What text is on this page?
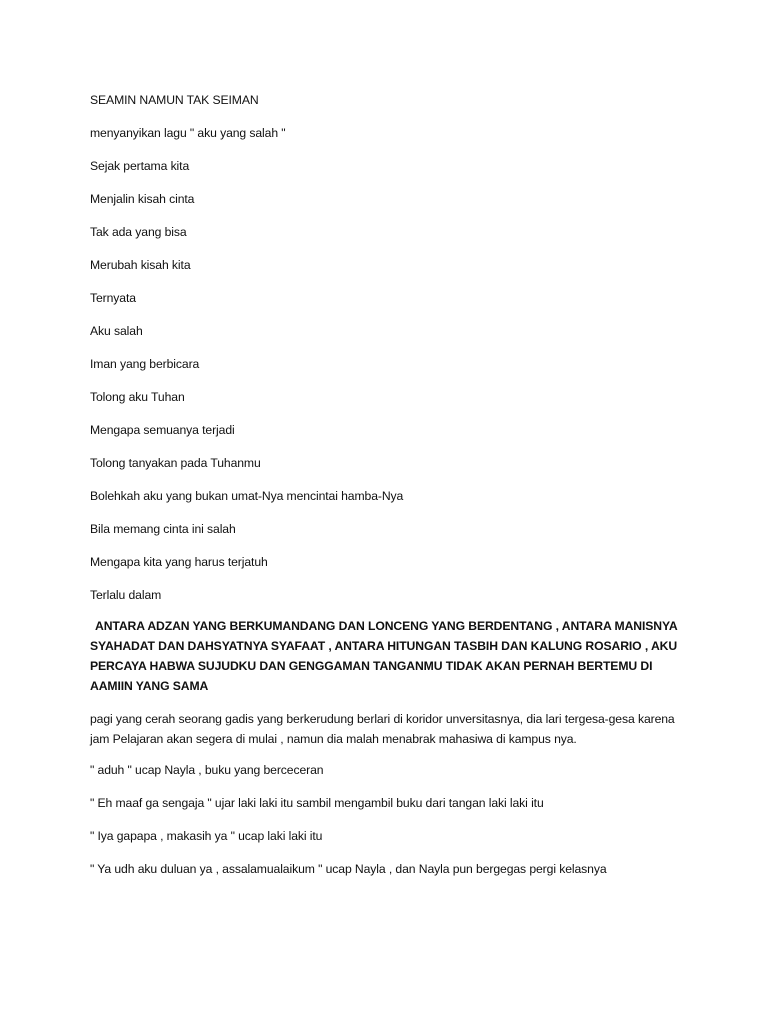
SEAMIN NAMUN TAK SEIMAN

menyanyikan lagu " aku yang salah "

Sejak pertama kita

Menjalin kisah cinta

Tak ada yang bisa

Merubah kisah kita

Ternyata

Aku salah

Iman yang berbicara

Tolong aku Tuhan

Mengapa semuanya terjadi

Tolong tanyakan pada Tuhanmu

Bolehkah aku yang bukan umat-Nya mencintai hamba-Nya

Bila memang cinta ini salah

Mengapa kita yang harus terjatuh

Terlalu dalam

ANTARA ADZAN YANG BERKUMANDANG DAN LONCENG YANG BERDENTANG , ANTARA MANISNYA SYAHADAT DAN DAHSYATNYA SYAFAAT , ANTARA HITUNGAN TASBIH DAN KALUNG ROSARIO , AKU PERCAYA HABWA SUJUDKU DAN GENGGAMAN TANGANMU TIDAK AKAN PERNAH BERTEMU DI AAMIIN YANG SAMA

pagi yang cerah seorang gadis yang berkerudung berlari di koridor unversitasnya, dia lari tergesa-gesa karena jam Pelajaran akan segera di mulai , namun dia malah menabrak mahasiwa di kampus nya.

" aduh " ucap Nayla , buku yang berceceran

" Eh maaf ga sengaja " ujar laki laki itu sambil mengambil buku dari tangan laki laki itu

" Iya gapapa , makasih ya " ucap laki laki itu

" Ya udh aku duluan ya , assalamualaikum " ucap Nayla , dan Nayla pun bergegas pergi kelasnya
